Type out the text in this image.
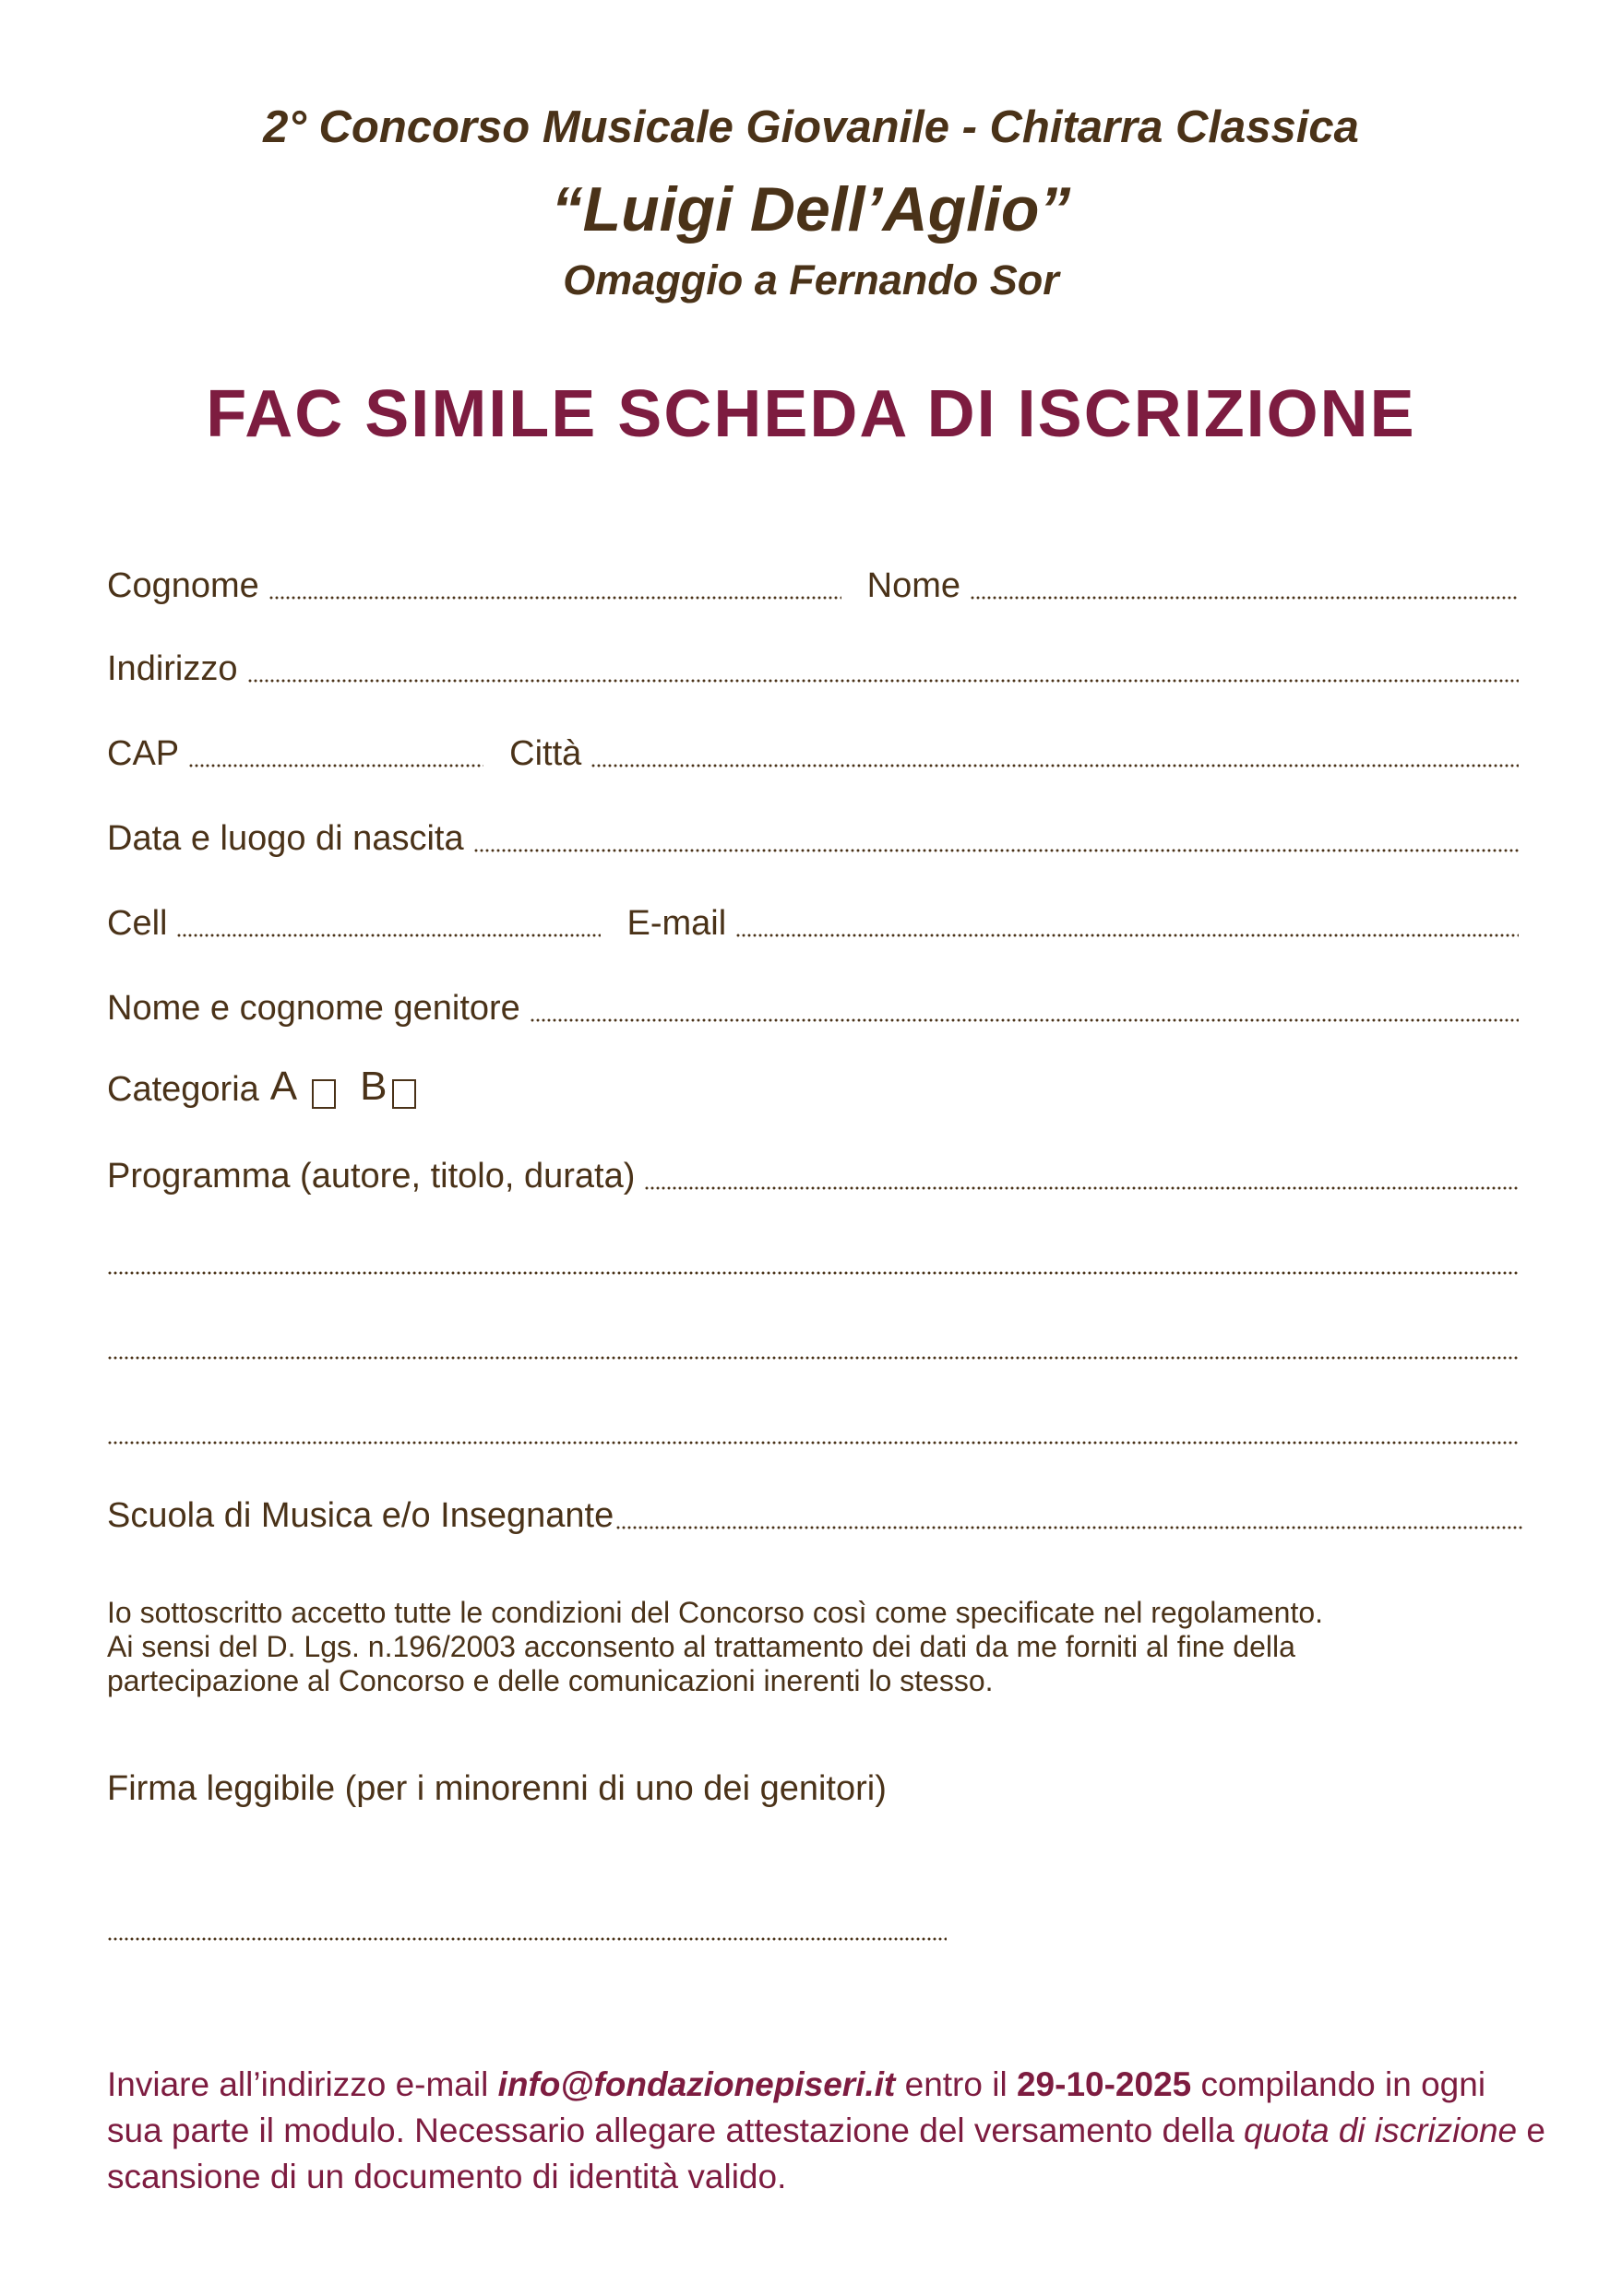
2° Concorso Musicale Giovanile - Chitarra Classica
“Luigi Dell’Aglio”
Omaggio a Fernando Sor
FAC SIMILE SCHEDA DI ISCRIZIONE
Cognome	Nome
Indirizzo
CAP	Città
Data e luogo di nascita
Cell	E-mail
Nome e cognome genitore
Categoria A B
Programma (autore, titolo, durata)
Scuola di Musica e/o Insegnante
Io sottoscritto accetto tutte le condizioni del Concorso così come specificate nel regolamento.
Ai sensi del D. Lgs. n.196/2003 acconsento al trattamento dei dati da me forniti al fine della
partecipazione al Concorso e delle comunicazioni inerenti lo stesso.
Firma leggibile (per i minorenni di uno dei genitori)
Inviare all’indirizzo e-mail info@fondazionepiseri.it entro il 29-10-2025 compilando in ogni sua parte il modulo. Necessario allegare attestazione del versamento della quota di iscrizione e scansione di un documento di identità valido.
